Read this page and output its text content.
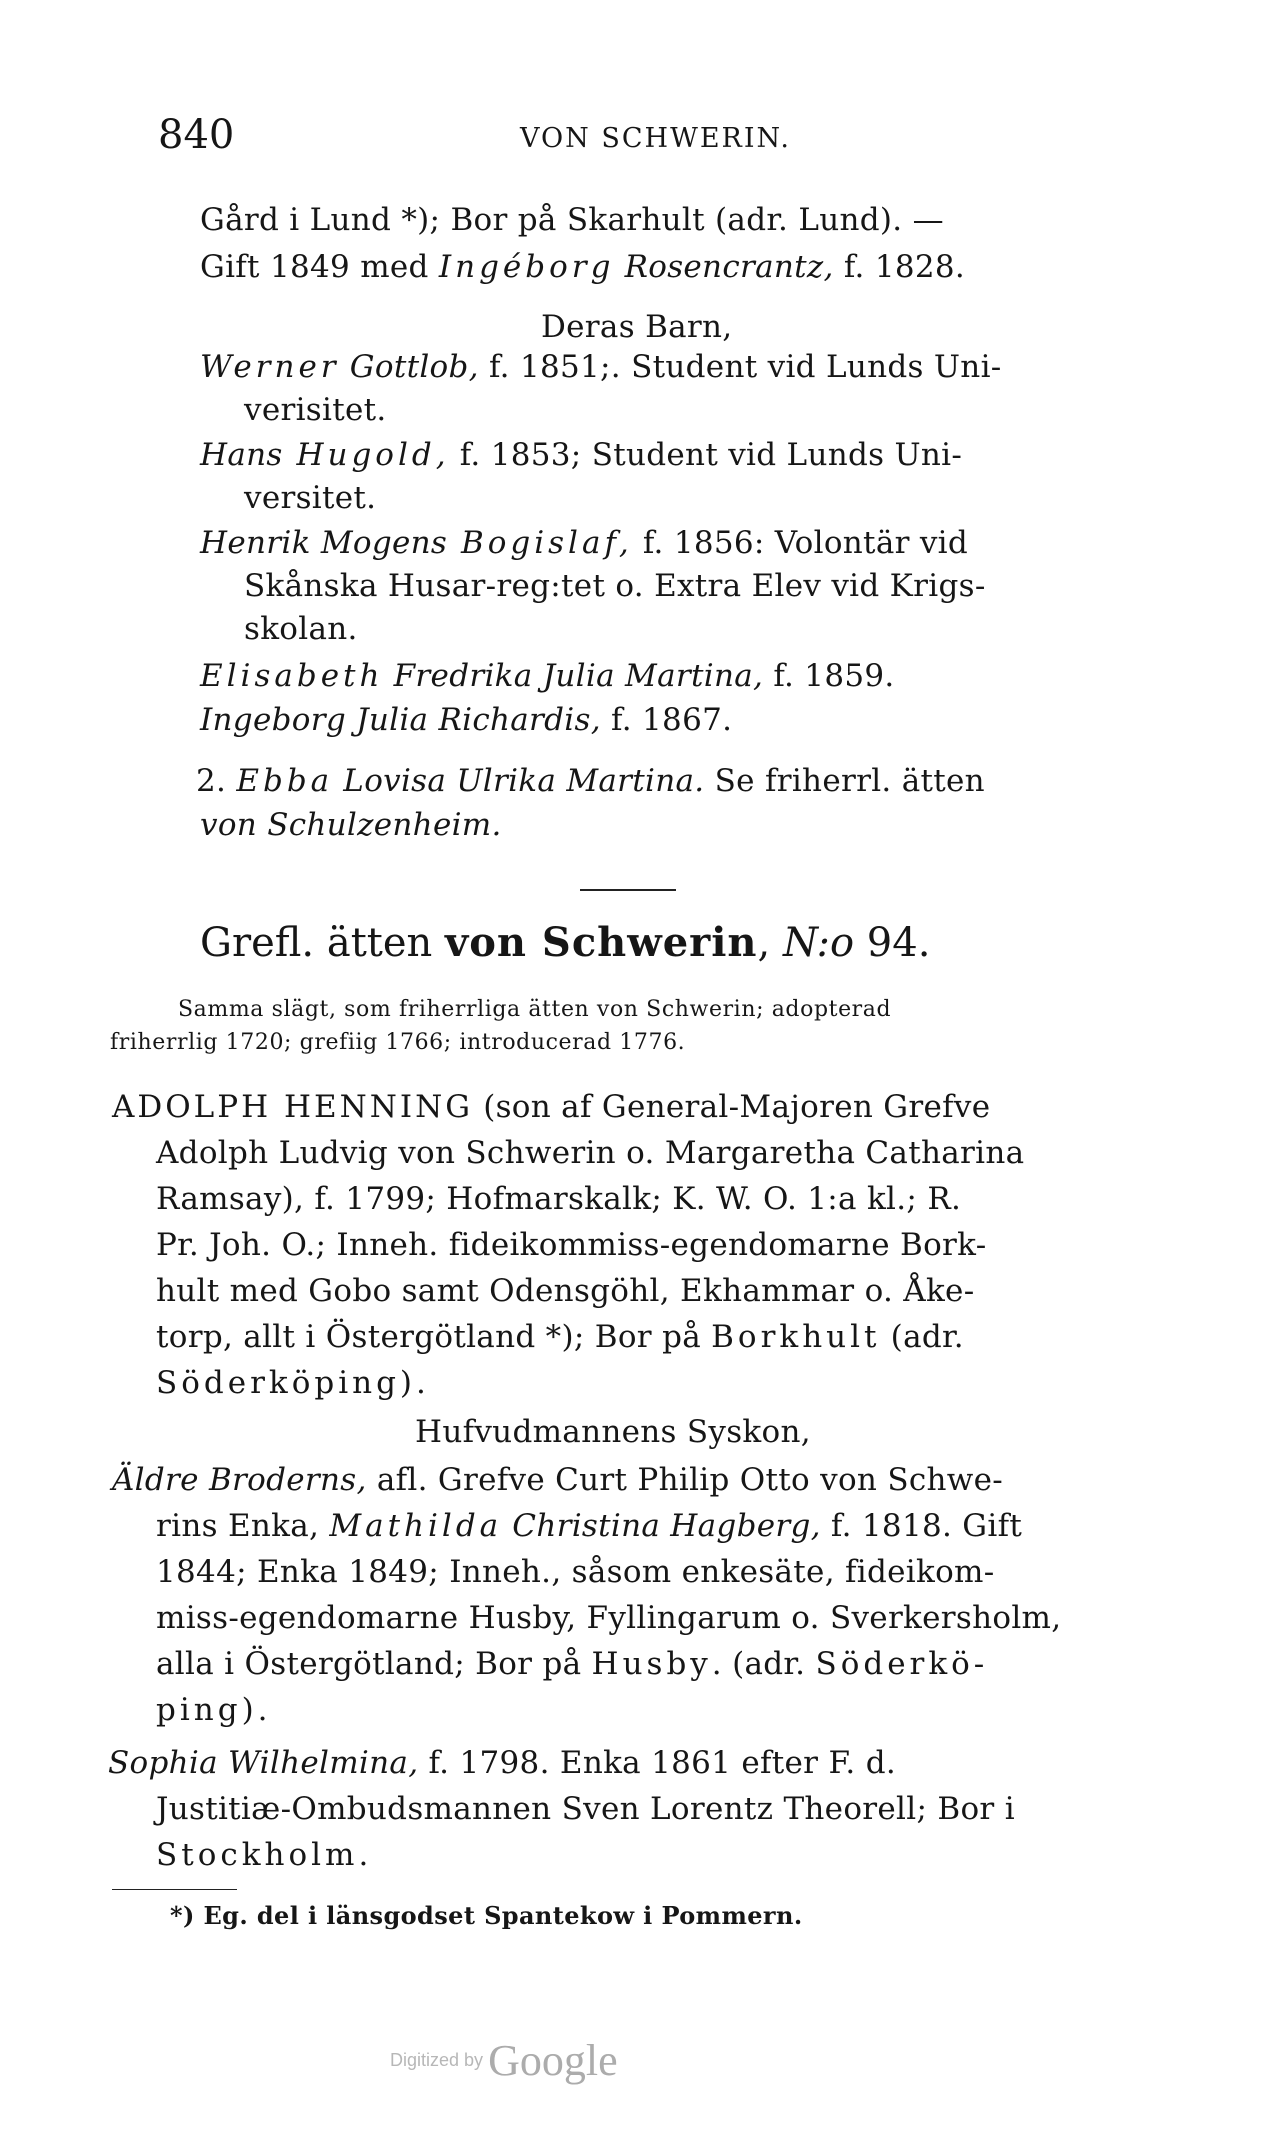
840	VON SCHWERIN.
Gård i Lund *); Bor på Skarhult (adr. Lund). —
Gift 1849 med Ingéborg Rosencrantz, f. 1828.
Deras Barn,
Werner Gottlob, f. 1851;. Student vid Lunds Uni-
verisitet.
Hans Hugold, f. 1853; Student vid Lunds Uni-
versitet.
Henrik Mogens Bogislaf, f. 1856: Volontär vid
Skånska Husar-reg:tet o. Extra Elev vid Krigs-
skolan.
Elisabeth Fredrika Julia Martina, f. 1859.
Ingeborg Julia Richardis, f. 1867.
2. Ebba Lovisa Ulrika Martina. Se friherrl. ätten
von Schulzenheim.
Grefl. ätten von Schwerin, N:o 94.
Samma slägt, som friherrliga ätten von Schwerin; adopterad
friherrlig 1720; grefiig 1766; introducerad 1776.
ADOLPH HENNING (son af General-Majoren Grefve
Adolph Ludvig von Schwerin o. Margaretha Catharina
Ramsay), f. 1799; Hofmarskalk; K. W. O. 1:a kl.; R.
Pr. Joh. O.; Inneh. fideikommiss-egendomarne Bork-
hult med Gobo samt Odensgöhl, Ekhammar o. Åke-
torp, allt i Östergötland *); Bor på Borkhult (adr.
Söderköping).
Hufvudmannens Syskon,
Äldre Broderns, afl. Grefve Curt Philip Otto von Schwe-
rins Enka, Mathilda Christina Hagberg, f. 1818. Gift
1844; Enka 1849; Inneh., såsom enkesäte, fideikom-
miss-egendomarne Husby, Fyllingarum o. Sverkersholm,
alla i Östergötland; Bor på Husby. (adr. Söderkö-
ping).
Sophia Wilhelmina, f. 1798. Enka 1861 efter F. d.
Justitiæ-Ombudsmannen Sven Lorentz Theorell; Bor i
Stockholm.
*) Eg. del i länsgodset Spantekow i Pommern.
Digitized by Google
